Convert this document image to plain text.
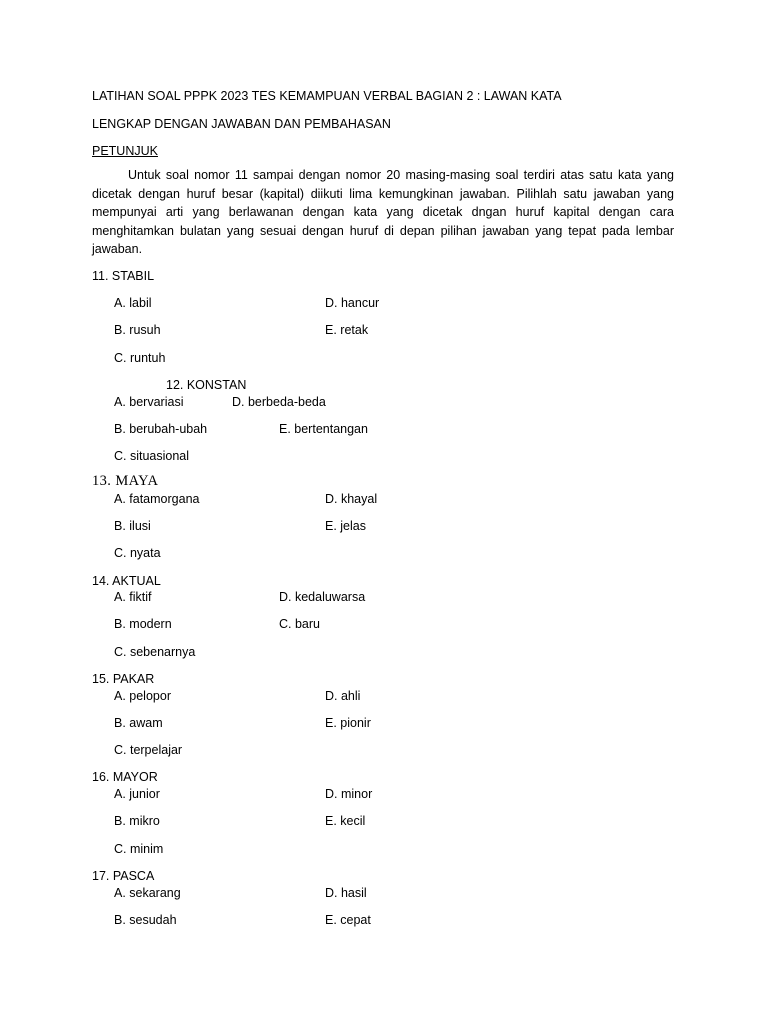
LATIHAN SOAL PPPK 2023 TES KEMAMPUAN VERBAL BAGIAN 2 : LAWAN KATA
LENGKAP DENGAN JAWABAN DAN PEMBAHASAN
PETUNJUK
Untuk soal nomor 11 sampai dengan nomor 20 masing-masing soal terdiri atas satu kata yang dicetak dengan huruf besar (kapital) diikuti lima kemungkinan jawaban. Pilihlah satu jawaban yang mempunyai arti yang berlawanan dengan kata yang dicetak dngan huruf kapital dengan cara menghitamkan bulatan yang sesuai dengan huruf di depan pilihan jawaban yang tepat pada lembar jawaban.
11. STABIL
A. labil	D. hancur
B. rusuh	E. retak
C. runtuh
12. KONSTAN
A. bervariasi	D. berbeda-beda
B. berubah-ubah	E. bertentangan
C. situasional
13. MAYA
A. fatamorgana	D. khayal
B. ilusi	E. jelas
C. nyata
14. AKTUAL
A. fiktif	D. kedaluwarsa
B. modern	C. baru
C. sebenarnya
15. PAKAR
A. pelopor	D. ahli
B. awam	E. pionir
C. terpelajar
16. MAYOR
A. junior	D. minor
B. mikro	E. kecil
C. minim
17. PASCA
A. sekarang	D. hasil
B. sesudah	E. cepat
